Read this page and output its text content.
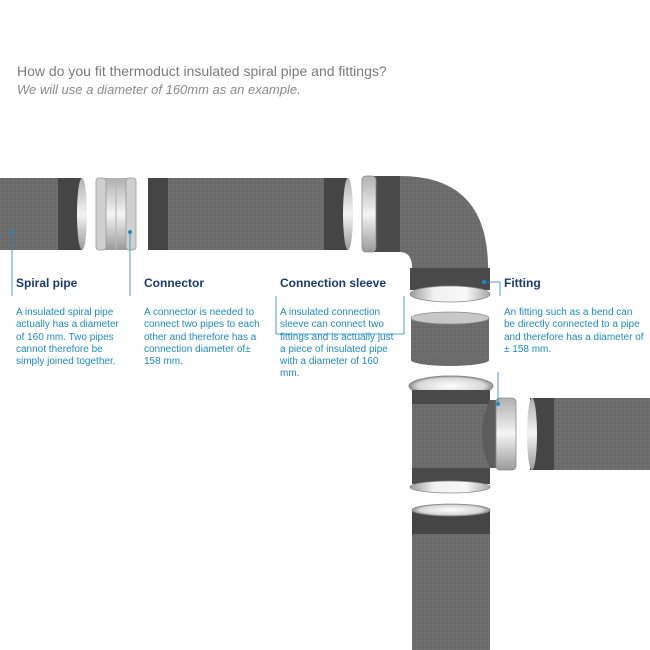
How do you fit thermoduct insulated spiral pipe and fittings?

We will use a diameter of 160mm as an example.

Spiral pipe

A insulated spiral pipe actually has a diameter of 160 mm. Two pipes cannot therefore be simply joined together.

Connector

A connector is needed to connect two pipes to each other and therefore has a connection diameter of± 158 mm.

Connection sleeve

A insulated connection sleeve can connect two fittings and is actually just a piece of insulated pipe with a diameter of 160 mm.

Fitting

An fitting such as a bend can be directly connected to a pipe and therefore has a diameter of ± 158 mm.
